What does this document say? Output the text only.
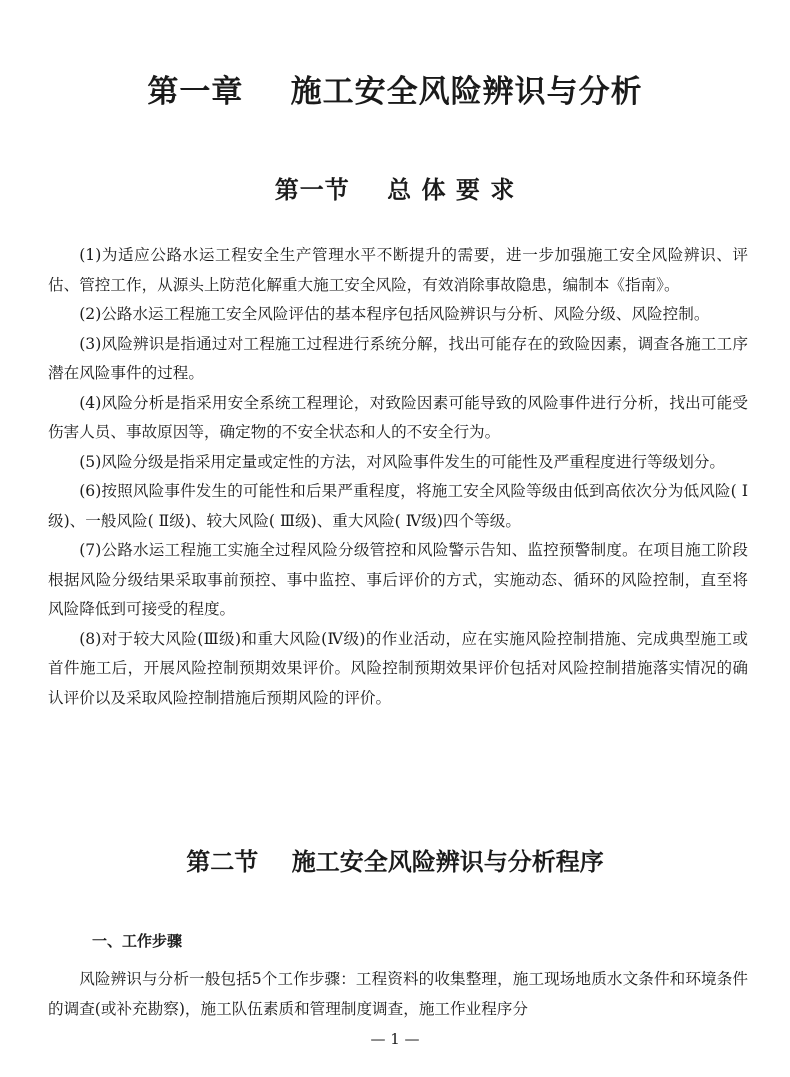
第一章    施工安全风险辨识与分析
第一节    总 体 要 求

(1)为适应公路水运工程安全生产管理水平不断提升的需要，进一步加强施工安全风险辨识、评估、管控工作，从源头上防范化解重大施工安全风险，有效消除事故隐患，编制本《指南》。

(2)公路水运工程施工安全风险评估的基本程序包括风险辨识与分析、风险分级、风险控制。

(3)风险辨识是指通过对工程施工过程进行系统分解，找出可能存在的致险因素，调查各施工工序潜在风险事件的过程。

(4)风险分析是指采用安全系统工程理论，对致险因素可能导致的风险事件进行分析，找出可能受伤害人员、事故原因等，确定物的不安全状态和人的不安全行为。

(5)风险分级是指采用定量或定性的方法，对风险事件发生的可能性及严重程度进行等级划分。

(6)按照风险事件发生的可能性和后果严重程度，将施工安全风险等级由低到高依次分为低风险( Ⅰ级)、一般风险( Ⅱ级)、较大风险( Ⅲ级)、重大风险( Ⅳ级)四个等级。

(7)公路水运工程施工实施全过程风险分级管控和风险警示告知、监控预警制度。在项目施工阶段根据风险分级结果采取事前预控、事中监控、事后评价的方式，实施动态、循环的风险控制，直至将风险降低到可接受的程度。

(8)对于较大风险(Ⅲ级)和重大风险(Ⅳ级)的作业活动，应在实施风险控制措施、完成典型施工或首件施工后，开展风险控制预期效果评价。风险控制预期效果评价包括对风险控制措施落实情况的确认评价以及采取风险控制措施后预期风险的评价。

第二节    施工安全风险辨识与分析程序
一、工作步骤

风险辨识与分析一般包括5个工作步骤：工程资料的收集整理，施工现场地质水文条件和环境条件的调查(或补充勘察)，施工队伍素质和管理制度调查，施工作业程序分

— 1 —
